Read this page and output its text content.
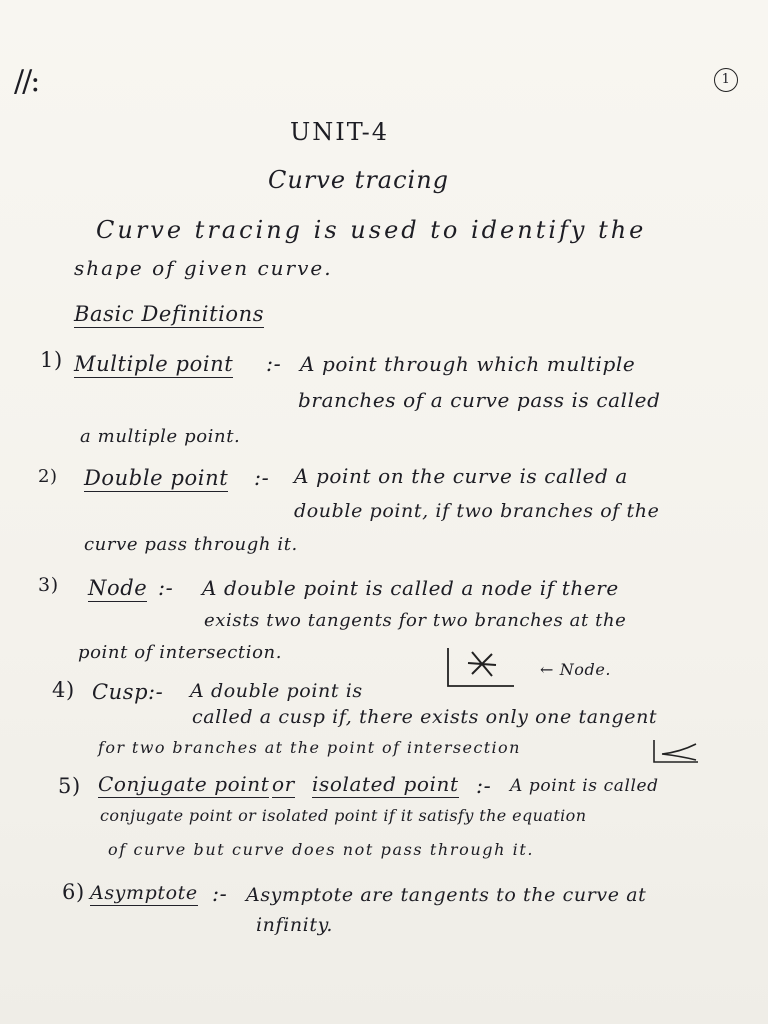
//:	1
UNIT-4
Curve tracing
Curve tracing is used to identify the
shape of given curve.
Basic Definitions
1) Multiple point :- A point through which multiple
branches of a curve pass is called
a multiple point.
2) Double point :- A point on the curve is called a
double point, if two branches of the
curve pass through it.
3) Node :- A double point is called a node if there
exists two tangents for two branches at the
point of intersection.
← Node.
4) Cusp :- A double point is
called a cusp if, there exists only one tangent
for two branches at the point of intersection
5) Conjugate point or isolated point :- A point is called
conjugate point or isolated point if it satisfy the equation
of curve but curve does not pass through it.
6) Asymptote :- Asymptote are tangents to the curve at
infinity.
